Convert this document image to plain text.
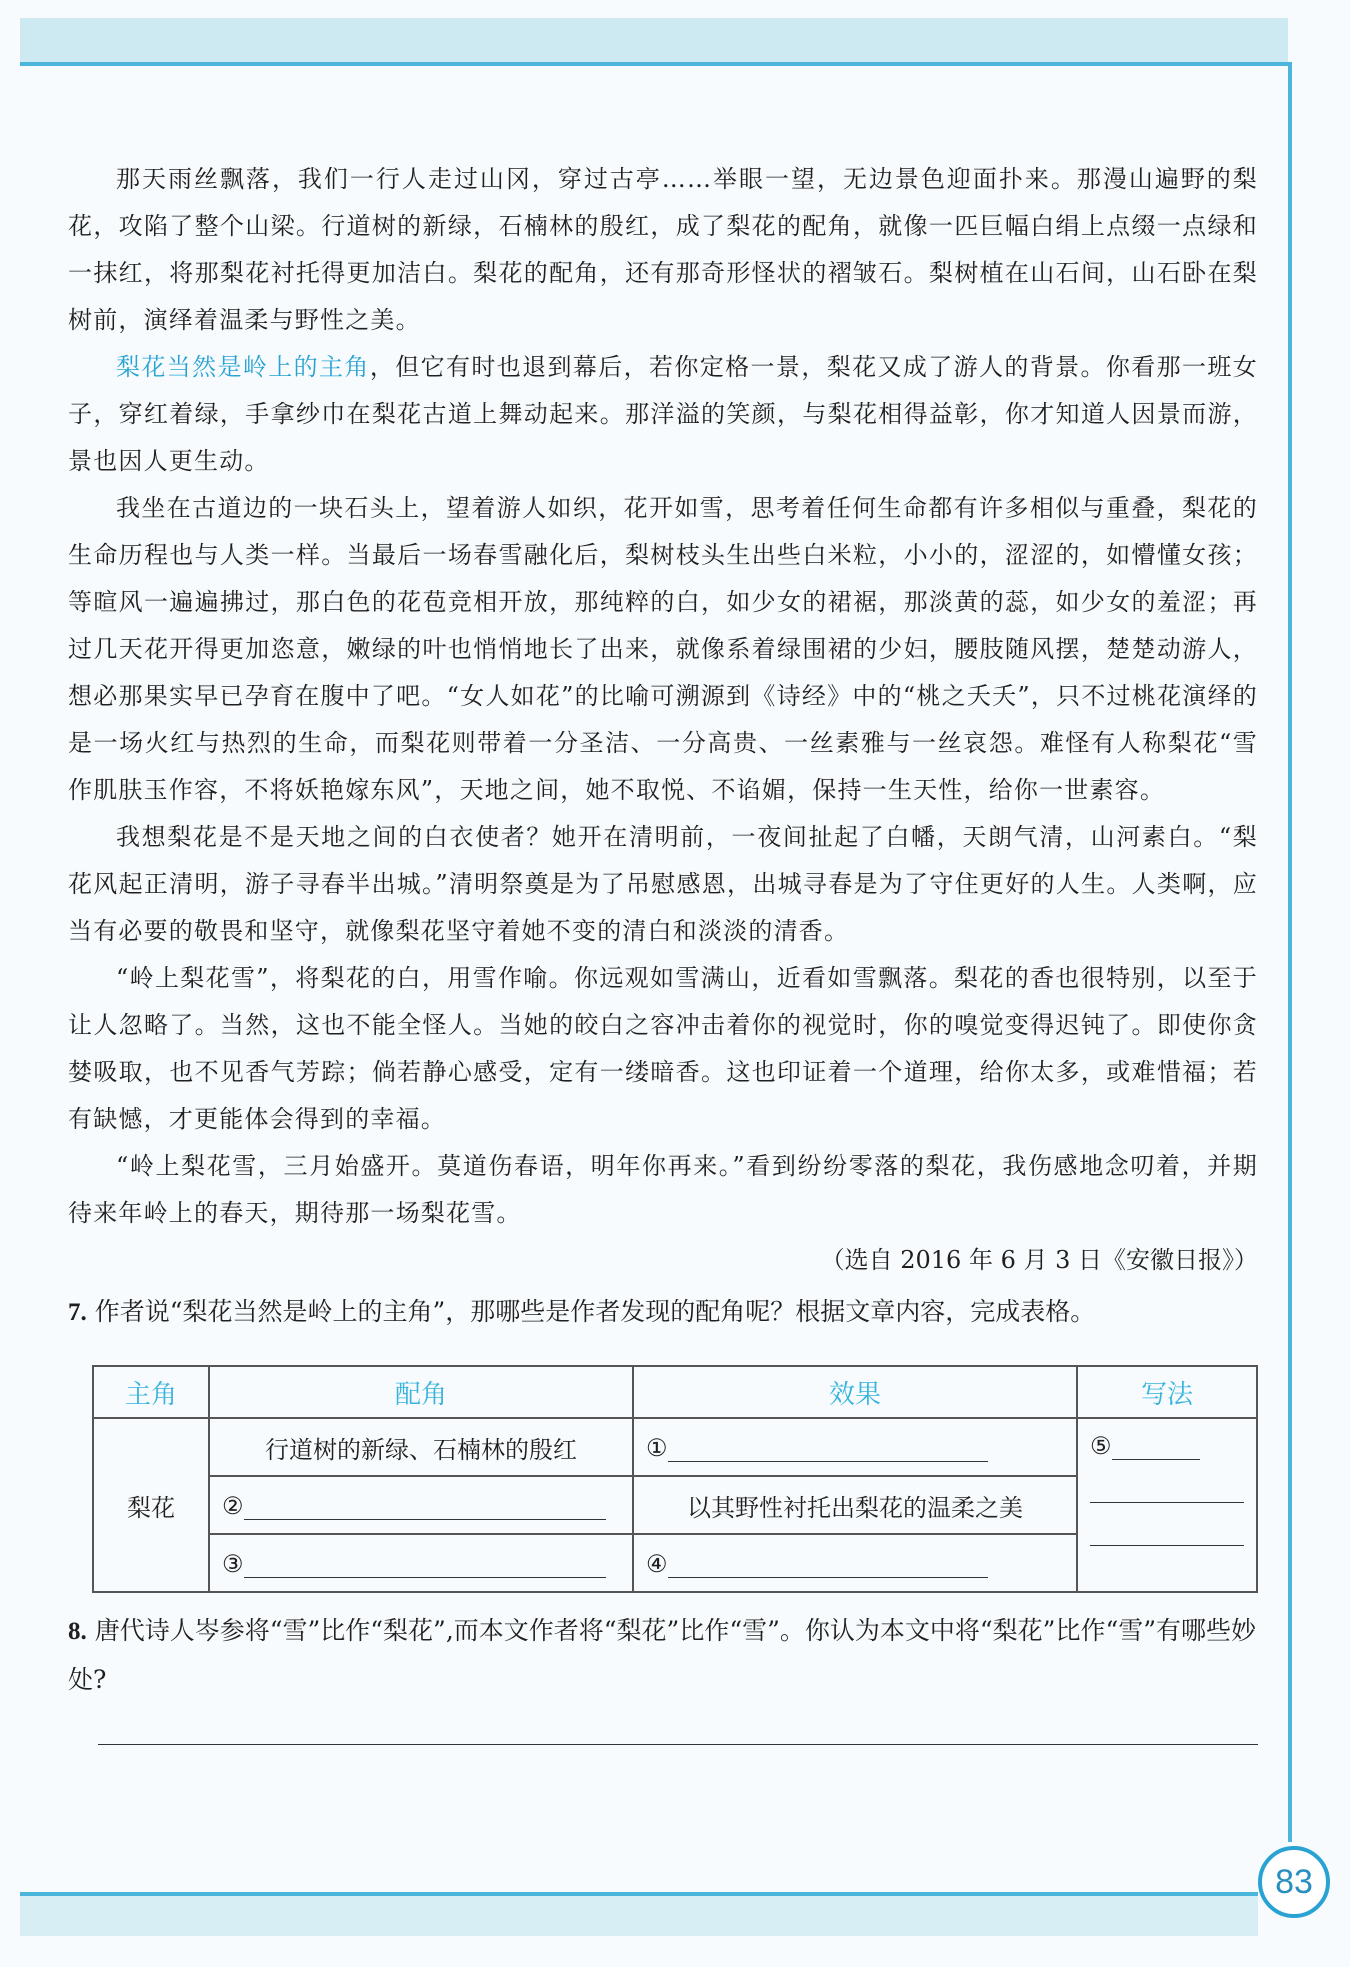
83

那天雨丝飘落，我们一行人走过山冈，穿过古亭……举眼一望，无边景色迎面扑来。那漫山遍野的梨花，攻陷了整个山梁。行道树的新绿，石楠林的殷红，成了梨花的配角，就像一匹巨幅白绢上点缀一点绿和一抹红，将那梨花衬托得更加洁白。梨花的配角，还有那奇形怪状的褶皱石。梨树植在山石间，山石卧在梨树前，演绎着温柔与野性之美。

梨花当然是岭上的主角，但它有时也退到幕后，若你定格一景，梨花又成了游人的背景。你看那一班女子，穿红着绿，手拿纱巾在梨花古道上舞动起来。那洋溢的笑颜，与梨花相得益彰，你才知道人因景而游，景也因人更生动。

我坐在古道边的一块石头上，望着游人如织，花开如雪，思考着任何生命都有许多相似与重叠，梨花的生命历程也与人类一样。当最后一场春雪融化后，梨树枝头生出些白米粒，小小的，涩涩的，如懵懂女孩；等暄风一遍遍拂过，那白色的花苞竞相开放，那纯粹的白，如少女的裙裾，那淡黄的蕊，如少女的羞涩；再过几天花开得更加恣意，嫩绿的叶也悄悄地长了出来，就像系着绿围裙的少妇，腰肢随风摆，楚楚动游人，想必那果实早已孕育在腹中了吧。“女人如花”的比喻可溯源到《诗经》中的“桃之夭夭”，只不过桃花演绎的是一场火红与热烈的生命，而梨花则带着一分圣洁、一分高贵、一丝素雅与一丝哀怨。难怪有人称梨花“雪作肌肤玉作容，不将妖艳嫁东风”，天地之间，她不取悦、不谄媚，保持一生天性，给你一世素容。

我想梨花是不是天地之间的白衣使者？她开在清明前，一夜间扯起了白幡，天朗气清，山河素白。“梨花风起正清明，游子寻春半出城。”清明祭奠是为了吊慰感恩，出城寻春是为了守住更好的人生。人类啊，应当有必要的敬畏和坚守，就像梨花坚守着她不变的清白和淡淡的清香。

“岭上梨花雪”，将梨花的白，用雪作喻。你远观如雪满山，近看如雪飘落。梨花的香也很特别，以至于让人忽略了。当然，这也不能全怪人。当她的皎白之容冲击着你的视觉时，你的嗅觉变得迟钝了。即使你贪婪吸取，也不见香气芳踪；倘若静心感受，定有一缕暗香。这也印证着一个道理，给你太多，或难惜福；若有缺憾，才更能体会得到的幸福。

“岭上梨花雪，三月始盛开。莫道伤春语，明年你再来。”看到纷纷零落的梨花，我伤感地念叨着，并期待来年岭上的春天，期待那一场梨花雪。

（选自 2016 年 6 月 3 日《安徽日报》）

7. 作者说“梨花当然是岭上的主角”，那哪些是作者发现的配角呢？根据文章内容，完成表格。

主角	配角	效果	写法
梨花	行道树的新绿、石楠林的殷红	①	⑤

	②	以其野性衬托出梨花的温柔之美	
	③	④	

8. 唐代诗人岑参将“雪”比作“梨花”,而本文作者将“梨花”比作“雪”。你认为本文中将“梨花”比作“雪”有哪些妙处?
